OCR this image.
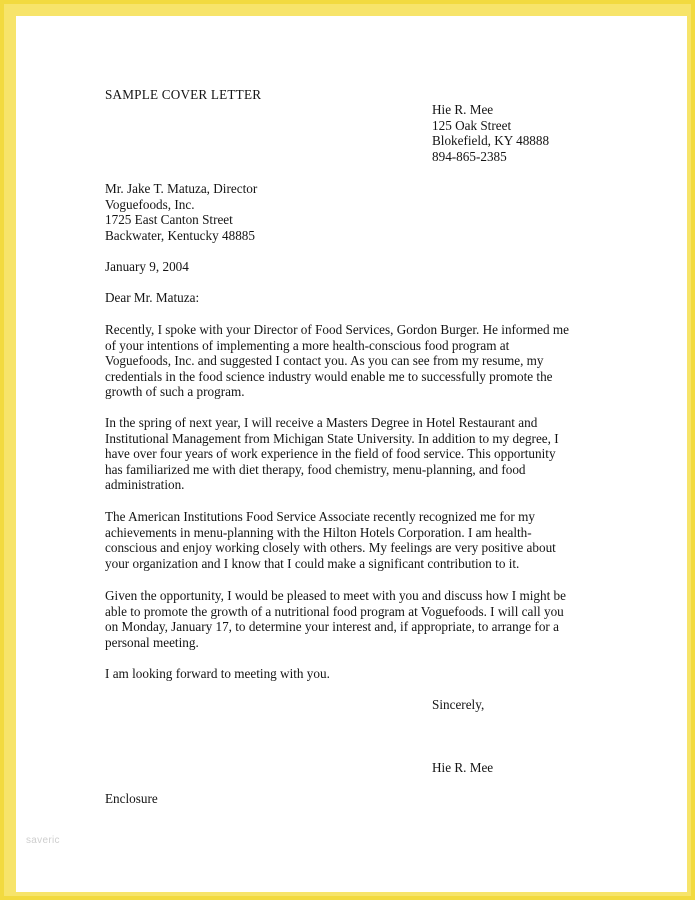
SAMPLE COVER LETTER
Hie R. Mee
125 Oak Street
Blokefield, KY 48888
894-865-2385
Mr. Jake T. Matuza, Director
Voguefoods, Inc.
1725 East Canton Street
Backwater, Kentucky 48885
January 9, 2004
Dear Mr. Matuza:
Recently, I spoke with your Director of Food Services, Gordon Burger. He informed me
of your intentions of implementing a more health-conscious food program at
Voguefoods, Inc. and suggested I contact you. As you can see from my resume, my
credentials in the food science industry would enable me to successfully promote the
growth of such a program.
In the spring of next year, I will receive a Masters Degree in Hotel Restaurant and
Institutional Management from Michigan State University. In addition to my degree, I
have over four years of work experience in the field of food service. This opportunity
has familiarized me with diet therapy, food chemistry, menu-planning, and food
administration.
The American Institutions Food Service Associate recently recognized me for my
achievements in menu-planning with the Hilton Hotels Corporation. I am health-
conscious and enjoy working closely with others. My feelings are very positive about
your organization and I know that I could make a significant contribution to it.
Given the opportunity, I would be pleased to meet with you and discuss how I might be
able to promote the growth of a nutritional food program at Voguefoods. I will call you
on Monday, January 17, to determine your interest and, if appropriate, to arrange for a
personal meeting.
I am looking forward to meeting with you.
Sincerely,
Hie R. Mee
Enclosure
saveric
